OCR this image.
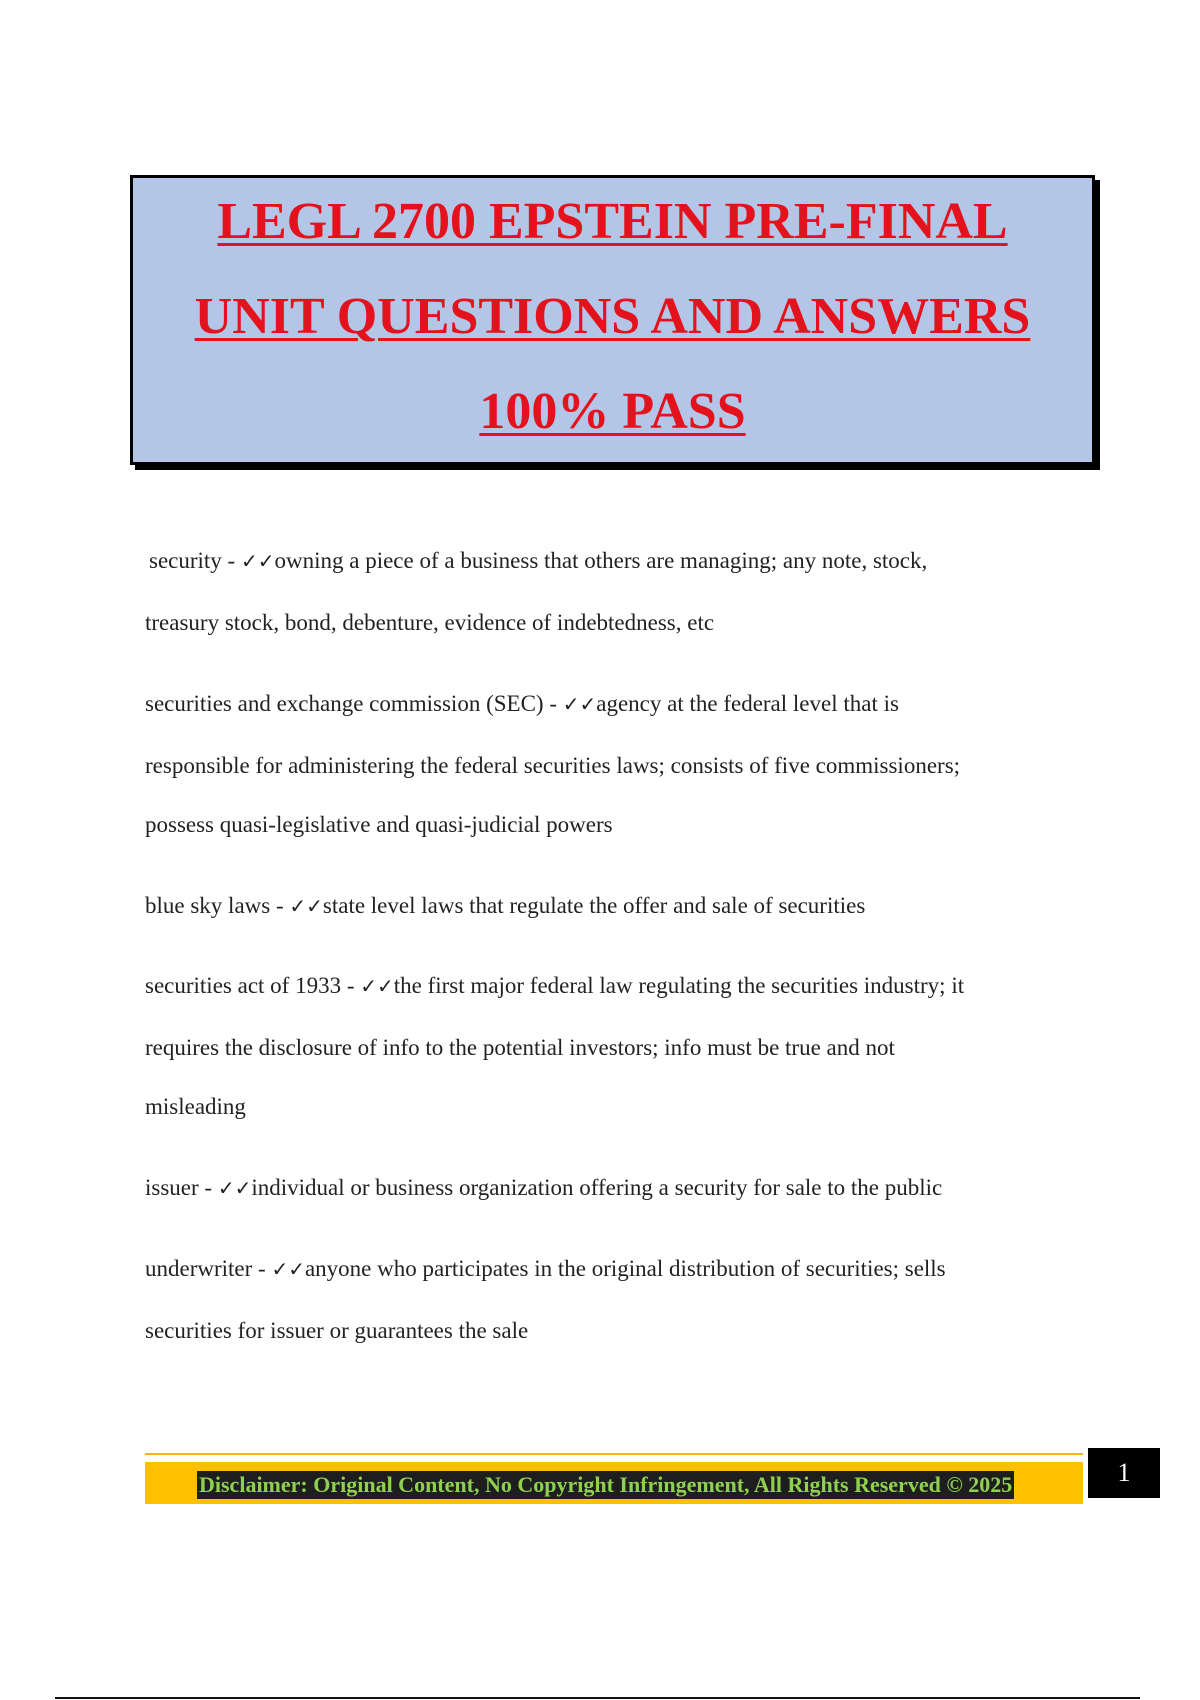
LEGL 2700 EPSTEIN PRE-FINAL
UNIT QUESTIONS AND ANSWERS
100% PASS
security - ✓✓owning a piece of a business that others are managing; any note, stock,
treasury stock, bond, debenture, evidence of indebtedness, etc
securities and exchange commission (SEC) - ✓✓agency at the federal level that is
responsible for administering the federal securities laws; consists of five commissioners;
possess quasi-legislative and quasi-judicial powers
blue sky laws - ✓✓state level laws that regulate the offer and sale of securities
securities act of 1933 - ✓✓the first major federal law regulating the securities industry; it
requires the disclosure of info to the potential investors; info must be true and not
misleading
issuer - ✓✓individual or business organization offering a security for sale to the public
underwriter - ✓✓anyone who participates in the original distribution of securities; sells
securities for issuer or guarantees the sale
Disclaimer: Original Content, No Copyright Infringement, All Rights Reserved © 2025	1
